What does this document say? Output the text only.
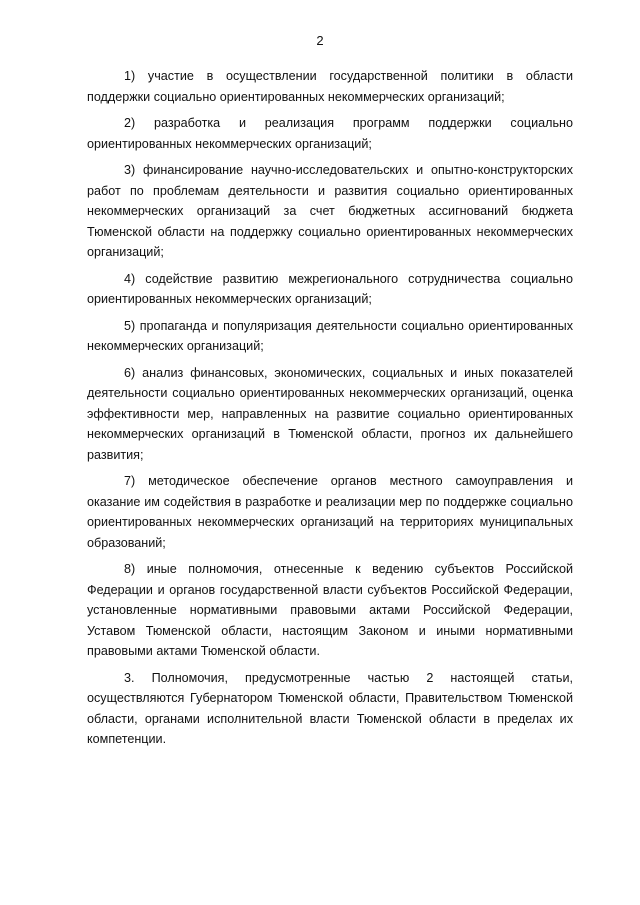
2

1) участие в осуществлении государственной политики в области поддержки социально ориентированных некоммерческих организаций;

2) разработка и реализация программ поддержки социально ориентированных некоммерческих организаций;

3) финансирование научно-исследовательских и опытно-конструкторских работ по проблемам деятельности и развития социально ориентированных некоммерческих организаций за счет бюджетных ассигнований бюджета Тюменской области на поддержку социально ориентированных некоммерческих организаций;

4) содействие развитию межрегионального сотрудничества социально ориентированных некоммерческих организаций;

5) пропаганда и популяризация деятельности социально ориентированных некоммерческих организаций;

6) анализ финансовых, экономических, социальных и иных показателей деятельности социально ориентированных некоммерческих организаций, оценка эффективности мер, направленных на развитие социально ориентированных некоммерческих организаций в Тюменской области, прогноз их дальнейшего развития;

7) методическое обеспечение органов местного самоуправления и оказание им содействия в разработке и реализации мер по поддержке социально ориентированных некоммерческих организаций на территориях муниципальных образований;

8) иные полномочия, отнесенные к ведению субъектов Российской Федерации и органов государственной власти субъектов Российской Федерации, установленные нормативными правовыми актами Российской Федерации, Уставом Тюменской области, настоящим Законом и иными нормативными правовыми актами Тюменской области.

3. Полномочия, предусмотренные частью 2 настоящей статьи, осуществляются Губернатором Тюменской области, Правительством Тюменской области, органами исполнительной власти Тюменской области в пределах их компетенции.
